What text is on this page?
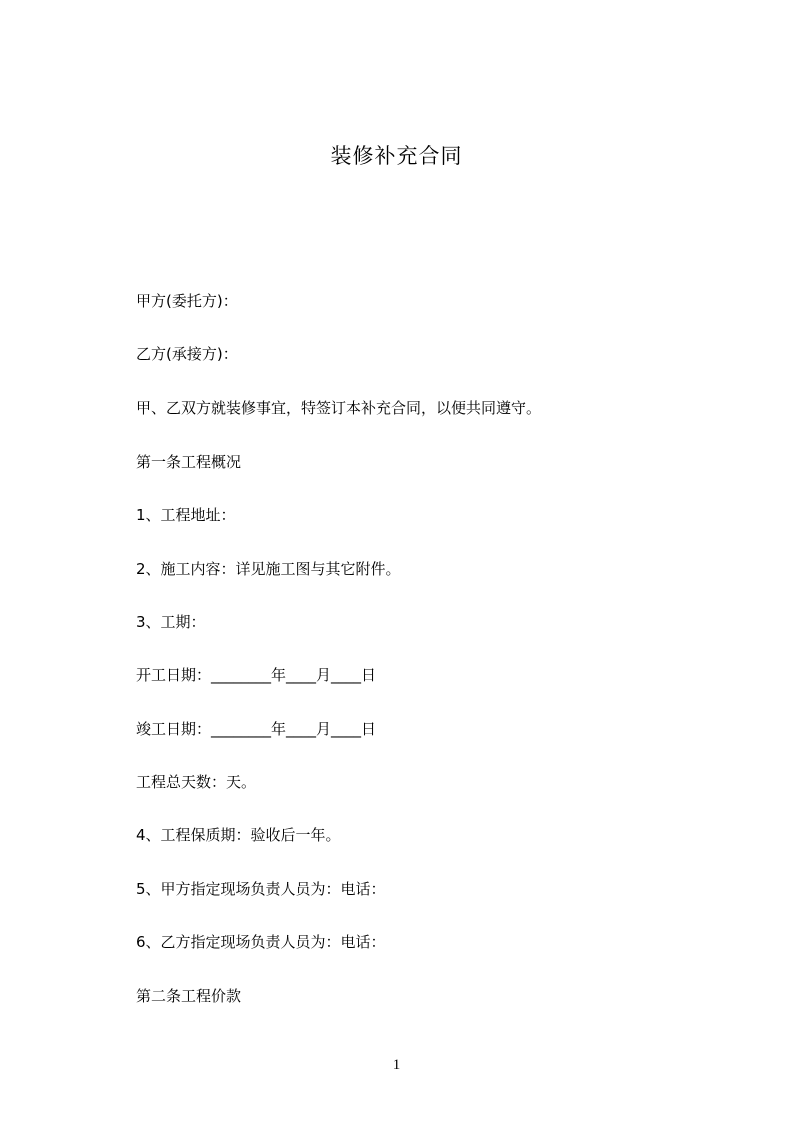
装修补充合同

甲方(委托方)：

乙方(承接方)：

甲、乙双方就装修事宜，特签订本补充合同，以便共同遵守。

第一条工程概况

1、工程地址：

2、施工内容：详见施工图与其它附件。

3、工期：

开工日期：________年____月____日

竣工日期：________年____月____日

工程总天数：天。

4、工程保质期：验收后一年。

5、甲方指定现场负责人员为：电话：

6、乙方指定现场负责人员为：电话：

第二条工程价款

1
